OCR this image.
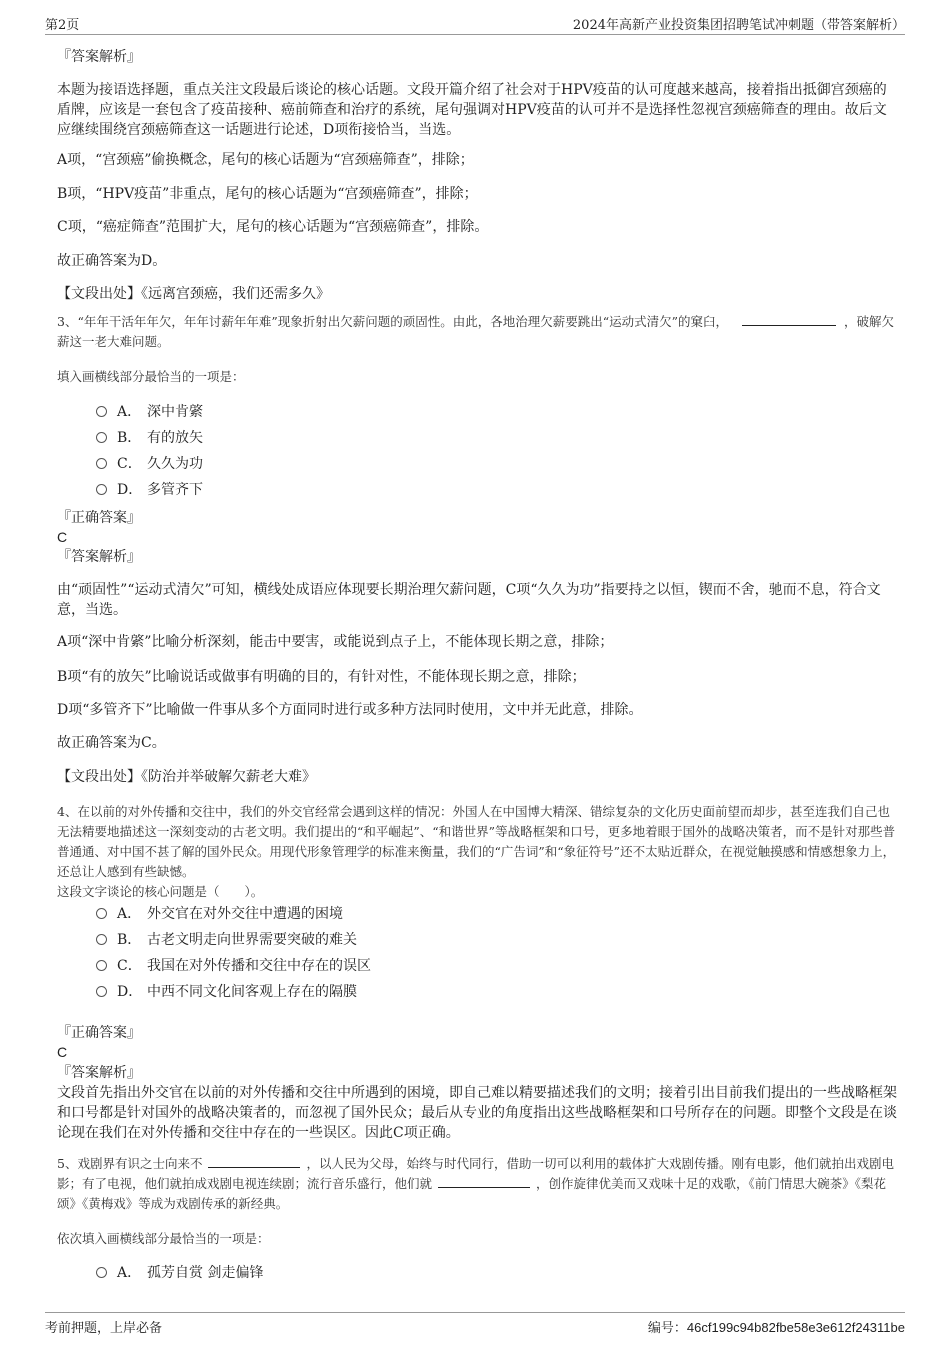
第2页	2024年高新产业投资集团招聘笔试冲刺题（带答案解析）
『答案解析』
本题为接语选择题，重点关注文段最后谈论的核心话题。文段开篇介绍了社会对于HPV疫苗的认可度越来越高，接着指出抵御宫颈癌的盾牌，应该是一套包含了疫苗接种、癌前筛查和治疗的系统，尾句强调对HPV疫苗的认可并不是选择性忽视宫颈癌筛查的理由。故后文应继续围绕宫颈癌筛查这一话题进行论述，D项衔接恰当，当选。
A项，“宫颈癌”偷换概念，尾句的核心话题为“宫颈癌筛查”，排除；
B项，“HPV疫苗”非重点，尾句的核心话题为“宫颈癌筛查”，排除；
C项，“癌症筛查”范围扩大，尾句的核心话题为“宫颈癌筛查”，排除。
故正确答案为D。
【文段出处】《远离宫颈癌，我们还需多久》
3、“年年干活年年欠，年年讨薪年年难”现象折射出欠薪问题的顽固性。由此，各地治理欠薪要跳出“运动式清欠”的窠臼，	，破解欠薪这一老大难问题。
填入画横线部分最恰当的一项是：
A． 深中肯綮
B． 有的放矢
C． 久久为功
D． 多管齐下
『正确答案』
C
『答案解析』
由“顽固性”“运动式清欠”可知，横线处成语应体现要长期治理欠薪问题，C项“久久为功”指要持之以恒，锲而不舍，驰而不息，符合文意，当选。
A项“深中肯綮”比喻分析深刻，能击中要害，或能说到点子上，不能体现长期之意，排除；
B项“有的放矢”比喻说话或做事有明确的目的，有针对性，不能体现长期之意，排除；
D项“多管齐下”比喻做一件事从多个方面同时进行或多种方法同时使用，文中并无此意，排除。
故正确答案为C。
【文段出处】《防治并举破解欠薪老大难》
4、在以前的对外传播和交往中，我们的外交官经常会遇到这样的情况：外国人在中国博大精深、错综复杂的文化历史面前望而却步，甚至连我们自己也无法精要地描述这一深刻变动的古老文明。我们提出的“和平崛起”、“和谐世界”等战略框架和口号，更多地着眼于国外的战略决策者，而不是针对那些普普通通、对中国不甚了解的国外民众。用现代形象管理学的标准来衡量，我们的“广告词”和“象征符号”还不太贴近群众，在视觉触摸感和情感想象力上，还总让人感到有些缺憾。
这段文字谈论的核心问题是（　　）。
A． 外交官在对外交往中遭遇的困境
B． 古老文明走向世界需要突破的难关
C． 我国在对外传播和交往中存在的误区
D． 中西不同文化间客观上存在的隔膜
『正确答案』
C
『答案解析』
文段首先指出外交官在以前的对外传播和交往中所遇到的困境，即自己难以精要描述我们的文明；接着引出目前我们提出的一些战略框架和口号都是针对国外的战略决策者的，而忽视了国外民众；最后从专业的角度指出这些战略框架和口号所存在的问题。即整个文段是在谈论现在我们在对外传播和交往中存在的一些误区。因此C项正确。
5、戏剧界有识之士向来不	，以人民为父母，始终与时代同行，借助一切可以利用的载体扩大戏剧传播。刚有电影，他们就拍出戏剧电影；有了电视，他们就拍成戏剧电视连续剧；流行音乐盛行，他们就	，创作旋律优美而又戏味十足的戏歌，《前门情思大碗茶》《梨花颂》《黄梅戏》等成为戏剧传承的新经典。
依次填入画横线部分最恰当的一项是：
A． 孤芳自赏 剑走偏锋
考前押题，上岸必备	编号：46cf199c94b82fbe58e3e612f24311be
